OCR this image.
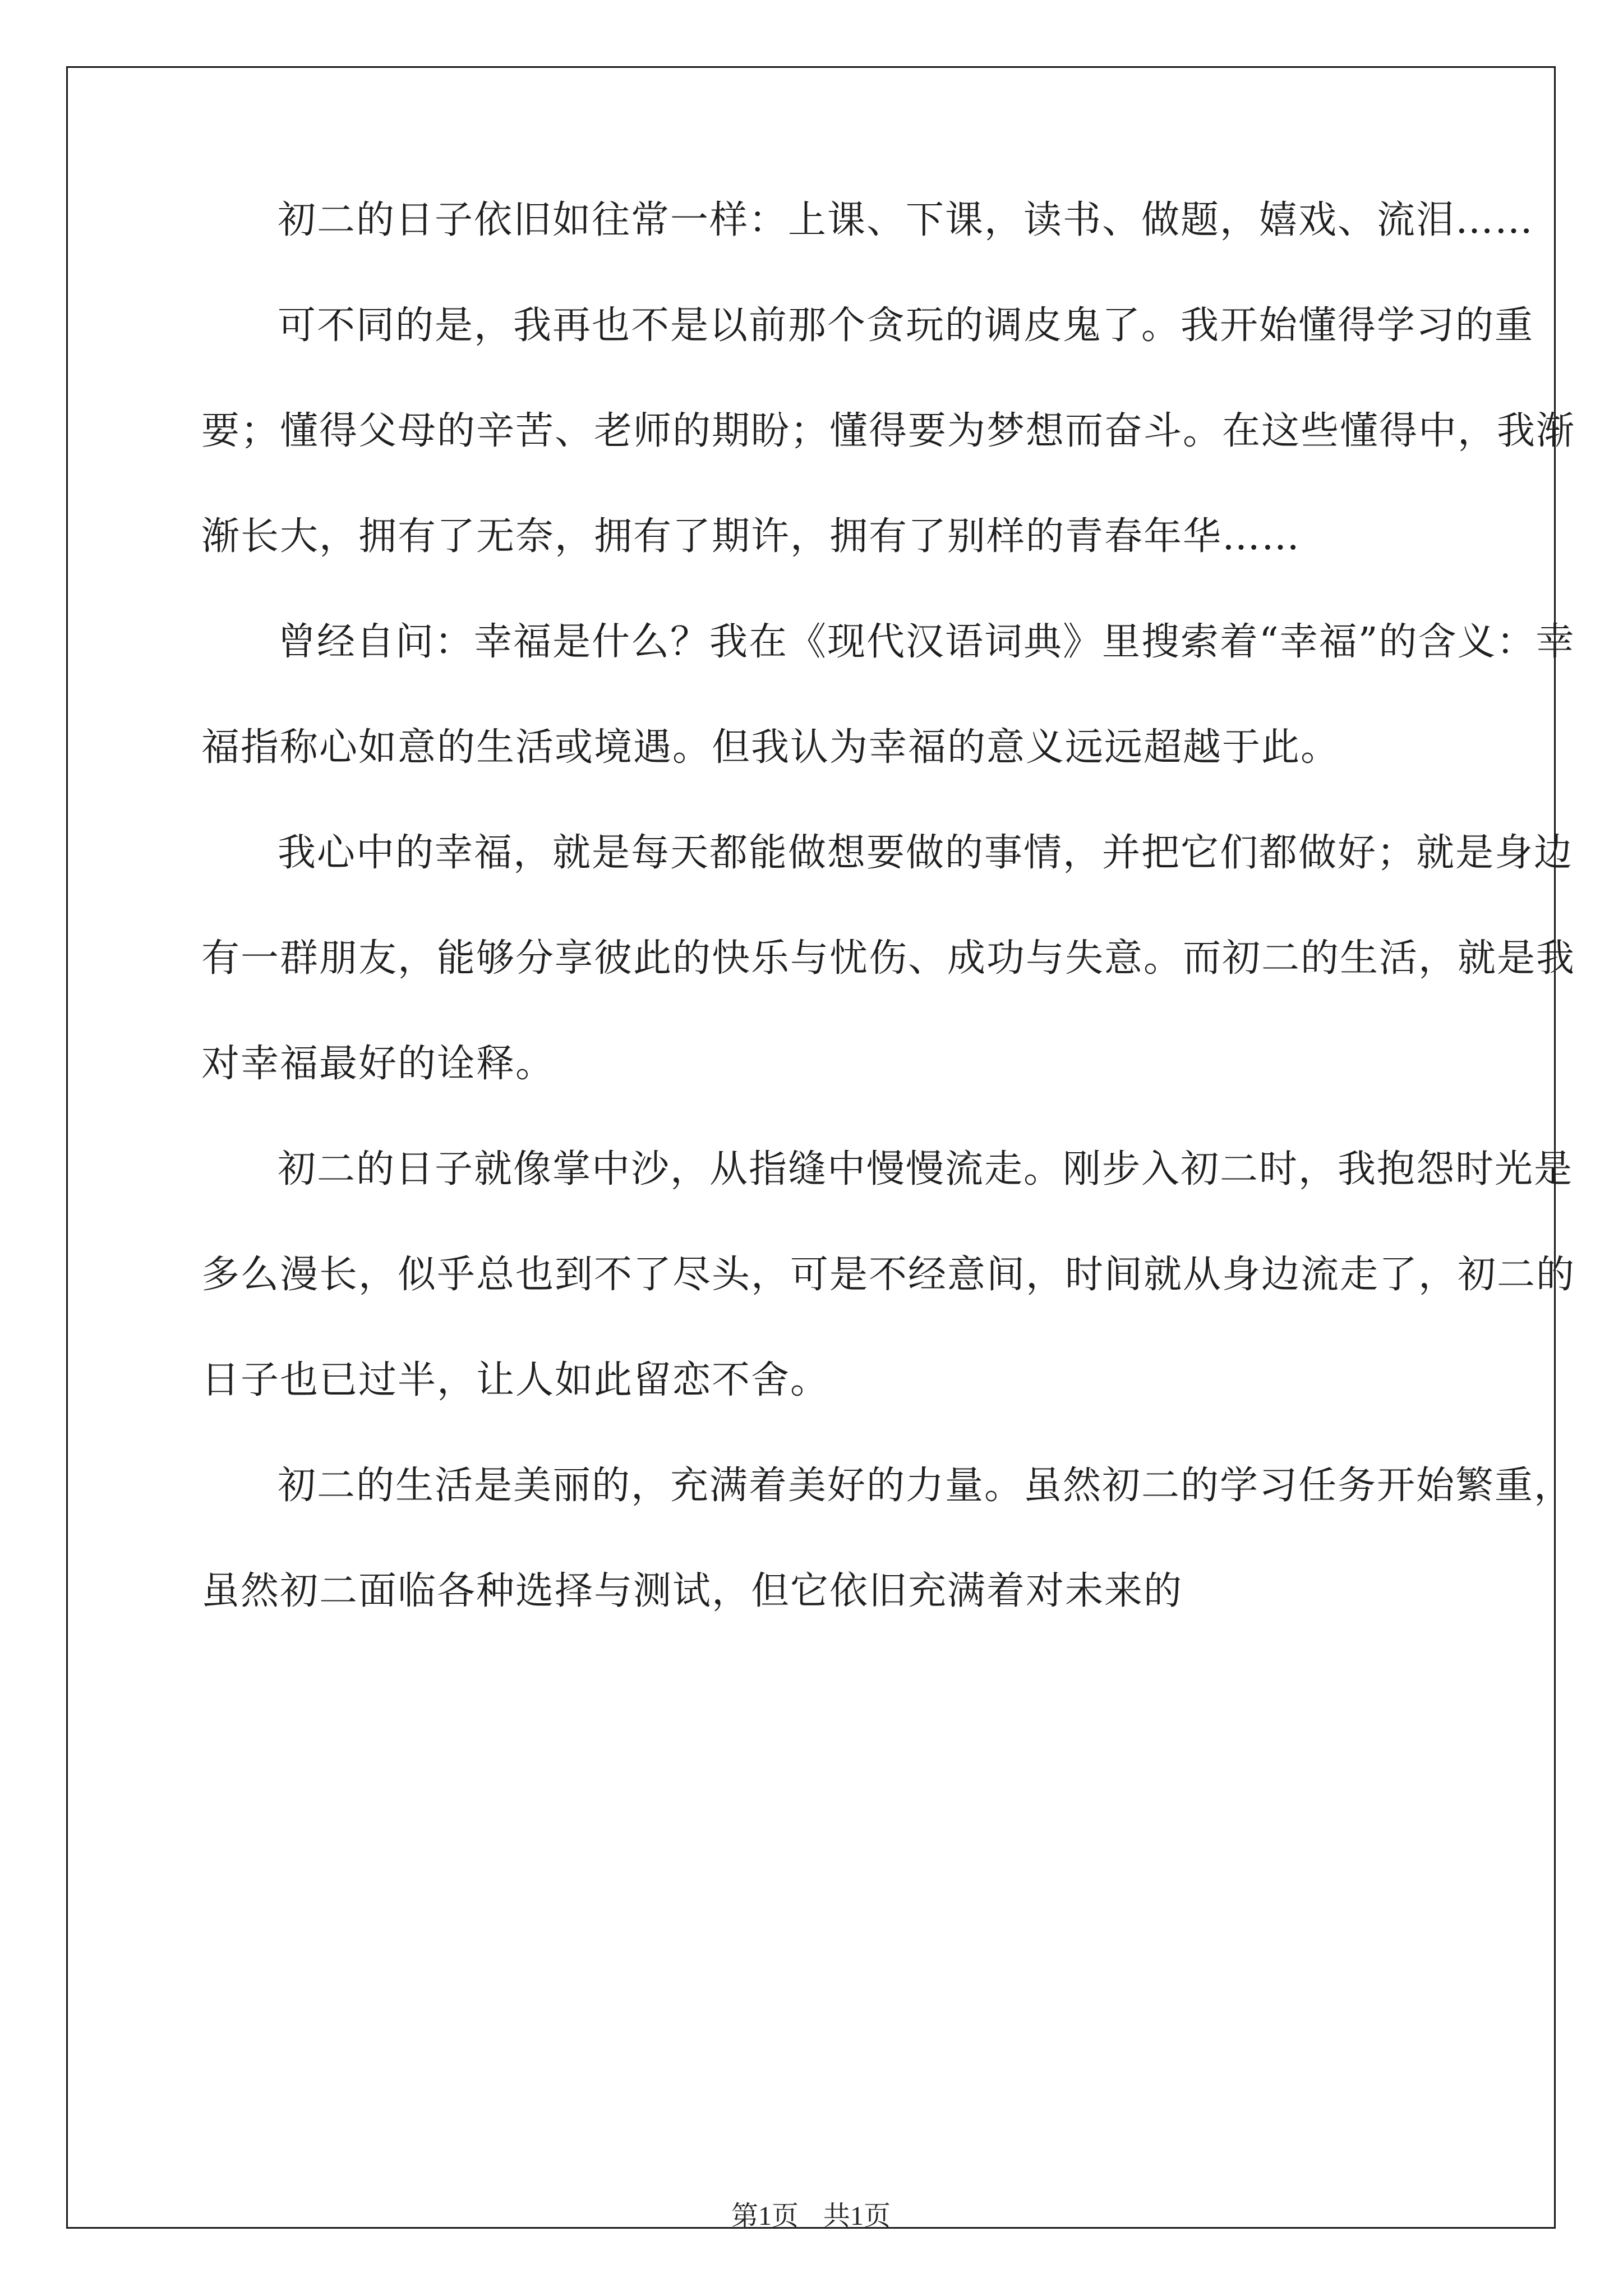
初二的日子依旧如往常一样：上课、下课，读书、做题，嬉戏、流泪……

可不同的是，我再也不是以前那个贪玩的调皮鬼了。我开始懂得学习的重要；懂得父母的辛苦、老师的期盼；懂得要为梦想而奋斗。在这些懂得中，我渐渐长大，拥有了无奈，拥有了期许，拥有了别样的青春年华……

曾经自问：幸福是什么？我在《现代汉语词典》里搜索着“幸福”的含义：幸福指称心如意的生活或境遇。但我认为幸福的意义远远超越于此。

我心中的幸福，就是每天都能做想要做的事情，并把它们都做好；就是身边有一群朋友，能够分享彼此的快乐与忧伤、成功与失意。而初二的生活，就是我对幸福最好的诠释。

初二的日子就像掌中沙，从指缝中慢慢流走。刚步入初二时，我抱怨时光是多么漫长，似乎总也到不了尽头，可是不经意间，时间就从身边流走了，初二的日子也已过半，让人如此留恋不舍。

初二的生活是美丽的，充满着美好的力量。虽然初二的学习任务开始繁重，虽然初二面临各种选择与测试，但它依旧充满着对未来的

第1页 共1页
